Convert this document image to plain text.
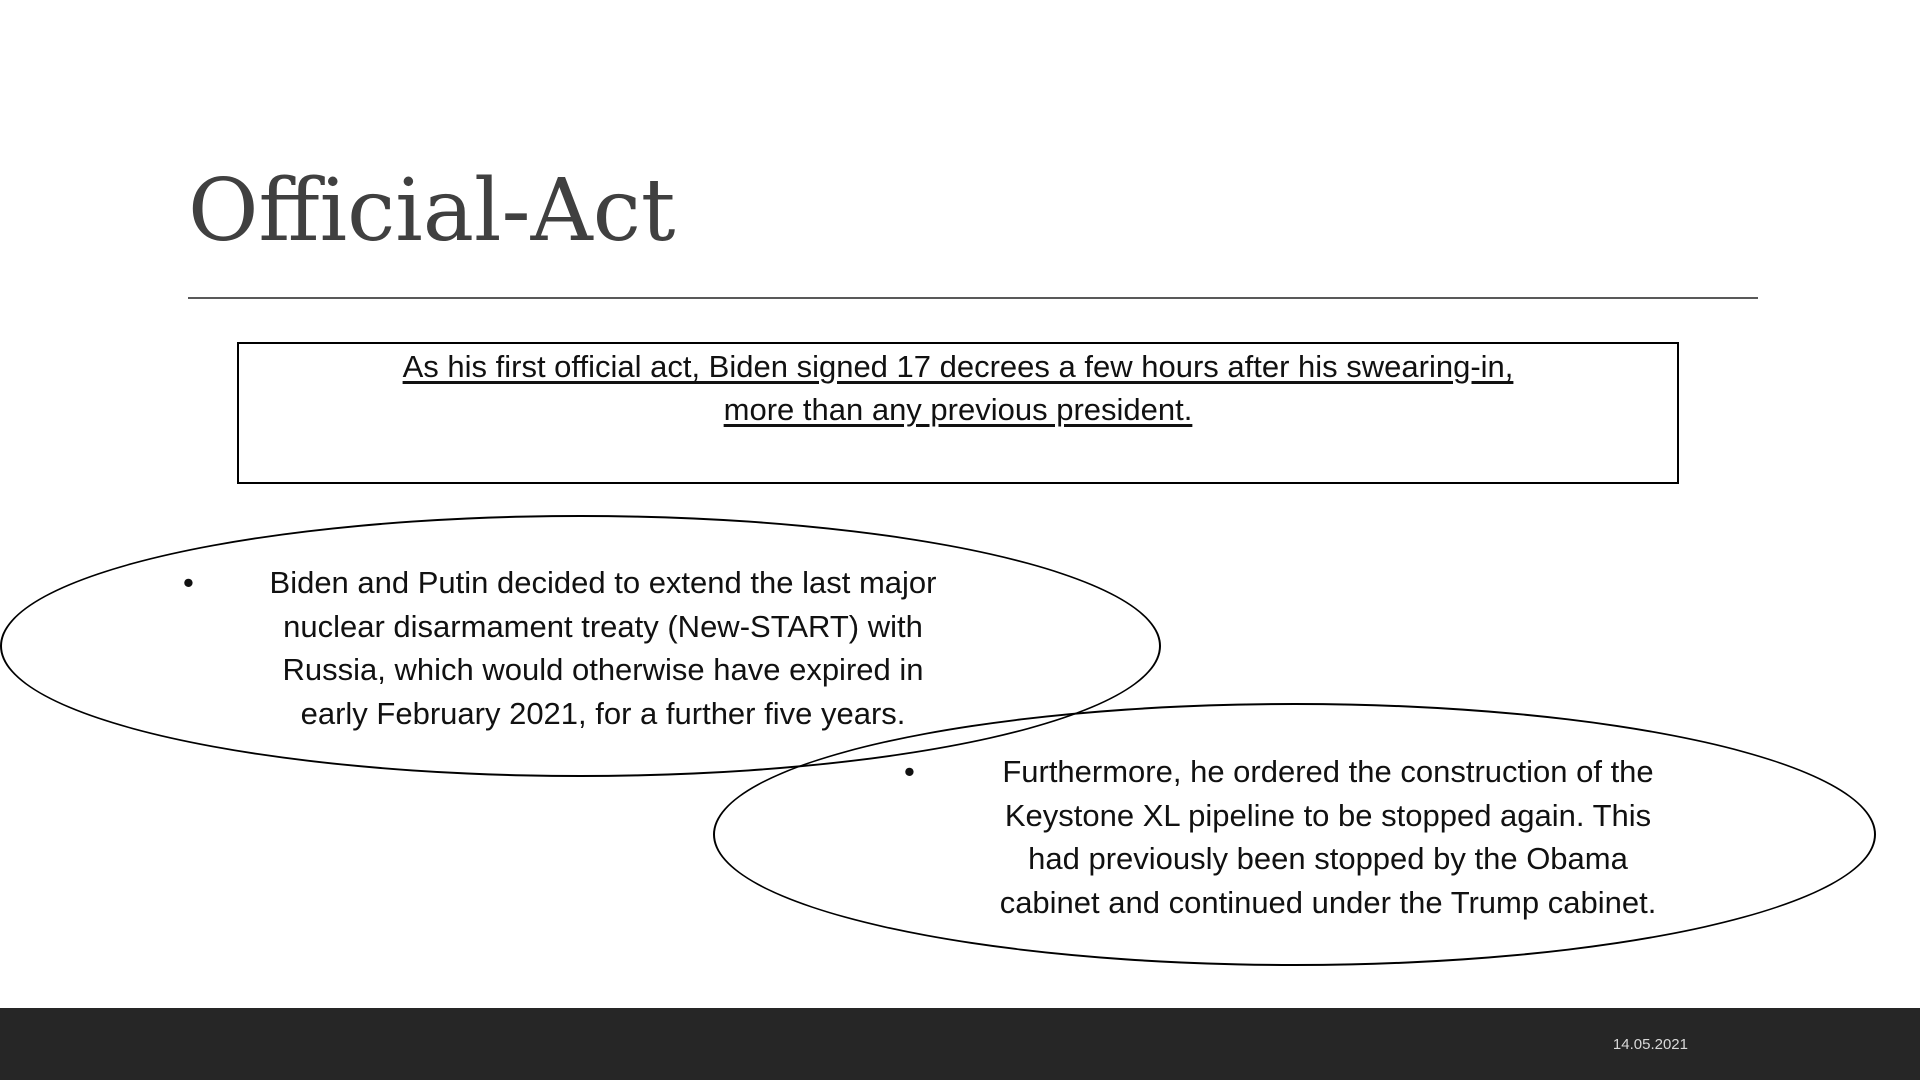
Official-Act

As his first official act, Biden signed 17 decrees a few hours after his swearing-in,
more than any previous president.

•	Biden and Putin decided to extend the last major
nuclear disarmament treaty (New-START) with
Russia, which would otherwise have expired in
early February 2021, for a further five years.
•	Furthermore, he ordered the construction of the
Keystone XL pipeline to be stopped again. This
had previously been stopped by the Obama
cabinet and continued under the Trump cabinet.
14.05.2021
